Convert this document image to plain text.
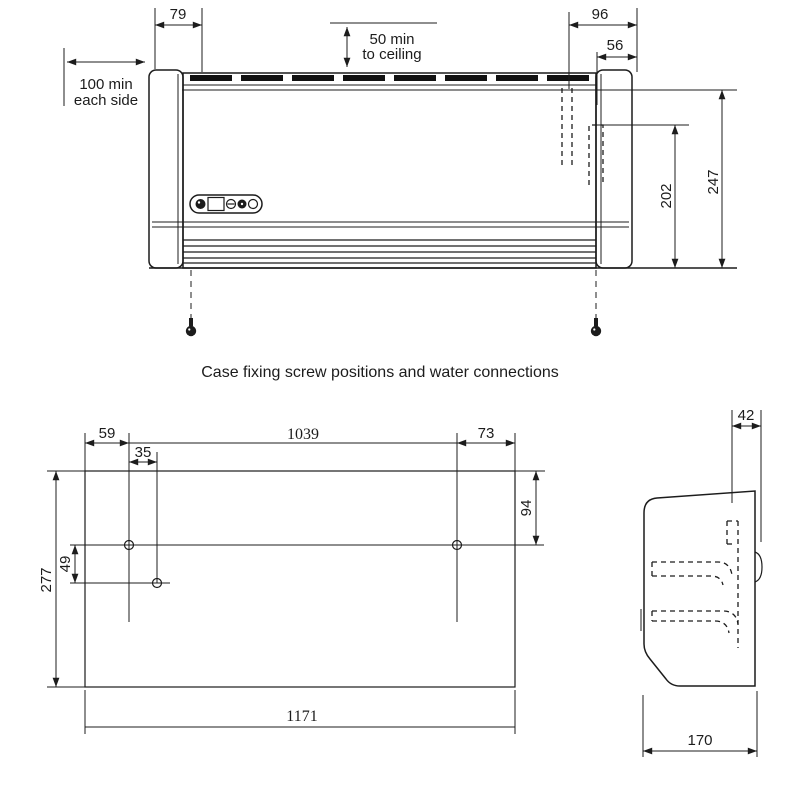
79	96
56
50 min
to ceiling
100 min
each side
202
247
Case fixing screw positions and water connections
59	1039	73
35
94
49
277
1171
42
170
